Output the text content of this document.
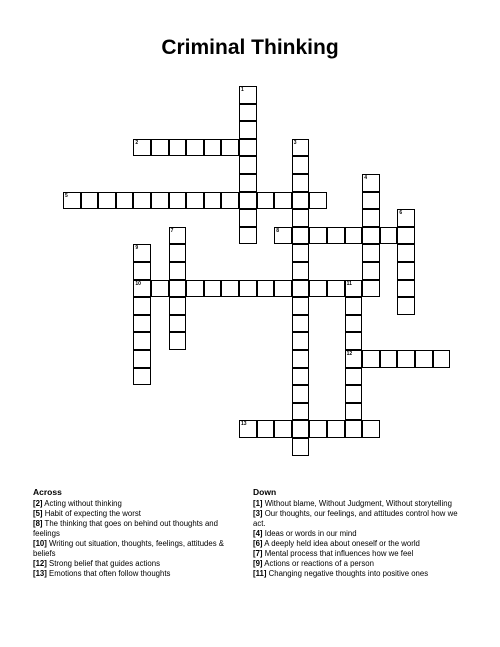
Criminal Thinking
1
2	3
4
5
6
7	8
9
10	11
12
13
Across

[2] Acting without thinking

[5] Habit of expecting the worst

[8] The thinking that goes on behind out thoughts and feelings

[10] Writing out situation, thoughts, feelings, attitudes & beliefs

[12] Strong belief that guides actions

[13] Emotions that often follow thoughts

Down

[1] Without blame, Without Judgment, Without storytelling

[3] Our thoughts, our feelings, and attitudes control how we act.

[4] Ideas or words in our mind

[6] A deeply held idea about oneself or the world

[7] Mental process that influences how we feel

[9] Actions or reactions of a person

[11] Changing negative thoughts into positive ones
